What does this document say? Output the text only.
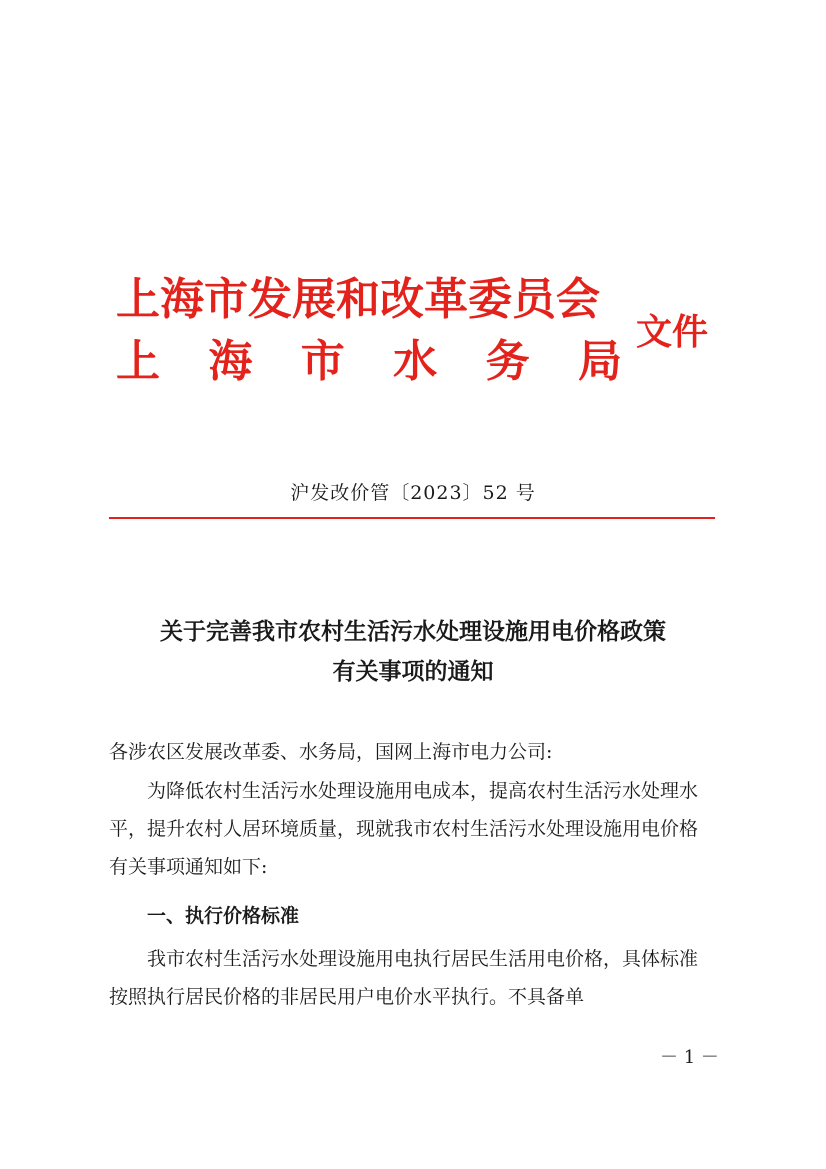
上海市发展和改革委员会
上 海 市 水 务 局
文件
沪发改价管〔2023〕52 号
关于完善我市农村生活污水处理设施用电价格政策
有关事项的通知
各涉农区发展改革委、水务局，国网上海市电力公司:
为降低农村生活污水处理设施用电成本，提高农村生活污水处理水平，提升农村人居环境质量，现就我市农村生活污水处理设施用电价格有关事项通知如下:
一、执行价格标准
我市农村生活污水处理设施用电执行居民生活用电价格，具体标准按照执行居民价格的非居民用户电价水平执行。不具备单
－ 1 －
